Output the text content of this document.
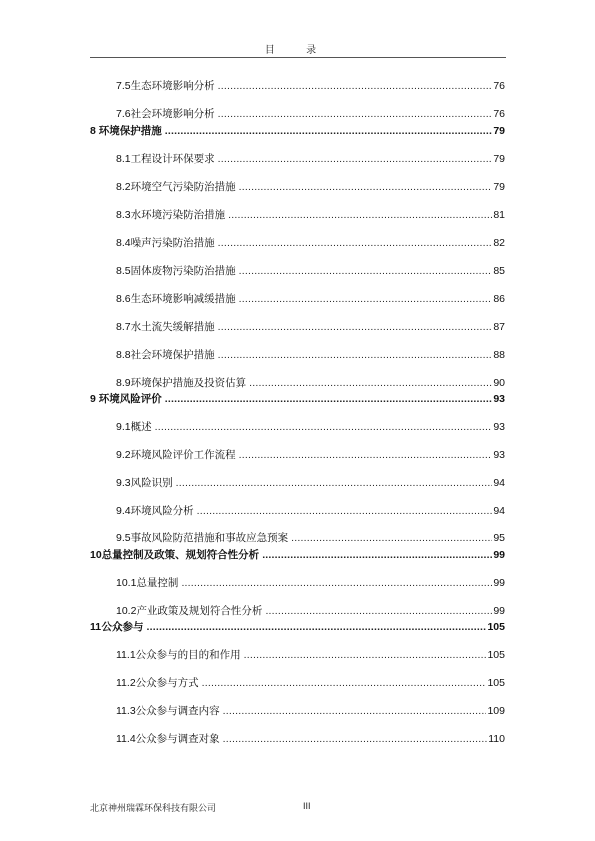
目 录
7.5 生态环境影响分析 .....	76
7.6 社会环境影响分析 .....	76
8 环境保护措施 .....	79
8.1 工程设计环保要求 .....	79
8.2 环境空气污染防治措施 .....	79
8.3 水环境污染防治措施 .....	81
8.4 噪声污染防治措施 .....	82
8.5 固体废物污染防治措施 .....	85
8.6 生态环境影响减缓措施 .....	86
8.7 水土流失缓解措施 .....	87
8.8 社会环境保护措施 .....	88
8.9 环境保护措施及投资估算 .....	90
9 环境风险评价 .....	93
9.1 概述 .....	93
9.2 环境风险评价工作流程 .....	93
9.3 风险识别 .....	94
9.4 环境风险分析 .....	94
9.5 事故风险防范措施和事故应急预案 .....	95
10 总量控制及政策、规划符合性分析 .....	99
10.1 总量控制 .....	99
10.2 产业政策及规划符合性分析 .....	99
11 公众参与 .....	105
11.1 公众参与的目的和作用 .....	105
11.2 公众参与方式 .....	105
11.3 公众参与调查内容 .....	109
11.4 公众参与调查对象 .....	110
北京神州瑞霖环保科技有限公司	III
